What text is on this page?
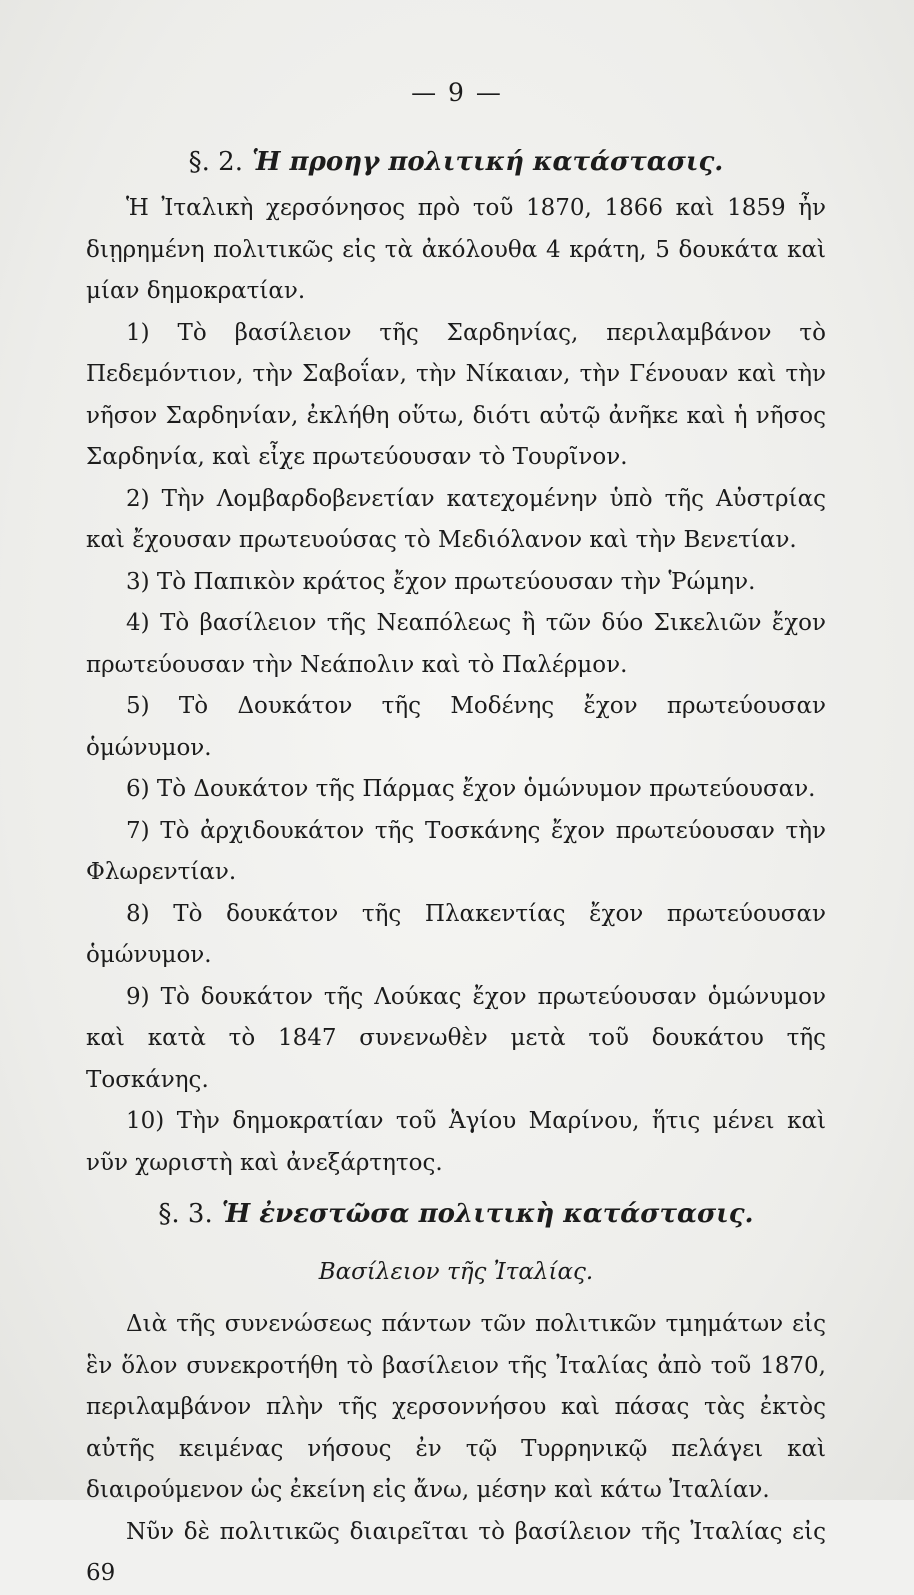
— 9 —
§. 2. Ἡ προηγ πολιτική κατάστασις.

Ἡ Ἰταλικὴ χερσόνησος πρὸ τοῦ 1870, 1866 καὶ 1859 ἦν διῃρημένη πολιτικῶς εἰς τὰ ἀκόλουθα 4 κράτη, 5 δουκάτα καὶ μίαν δημοκρατίαν.

1) Τὸ βασίλειον τῆς Σαρδηνίας, περιλαμβάνον τὸ Πεδεμόντιον, τὴν Σαβοΐαν, τὴν Νίκαιαν, τὴν Γένουαν καὶ τὴν νῆσον Σαρδηνίαν, ἐκλήθη οὕτω, διότι αὐτῷ ἀνῆκε καὶ ἡ νῆσος Σαρδηνία, καὶ εἶχε πρωτεύουσαν τὸ Τουρῖνον.

2) Τὴν Λομβαρδοβενετίαν κατεχομένην ὑπὸ τῆς Αὐστρίας καὶ ἔχουσαν πρωτευούσας τὸ Μεδιόλανον καὶ τὴν Βενετίαν.

3) Τὸ Παπικὸν κράτος ἔχον πρωτεύουσαν τὴν Ῥώμην.

4) Τὸ βασίλειον τῆς Νεαπόλεως ἢ τῶν δύο Σικελιῶν ἔχον πρωτεύουσαν τὴν Νεάπολιν καὶ τὸ Παλέρμον.

5) Τὸ Δουκάτον τῆς Μοδένης ἔχον πρωτεύουσαν ὁμώνυμον.

6) Τὸ Δουκάτον τῆς Πάρμας ἔχον ὁμώνυμον πρωτεύουσαν.

7) Τὸ ἀρχιδουκάτον τῆς Τοσκάνης ἔχον πρωτεύουσαν τὴν Φλωρεντίαν.

8) Τὸ δουκάτον τῆς Πλακεντίας ἔχον πρωτεύουσαν ὁμώνυμον.

9) Τὸ δουκάτον τῆς Λούκας ἔχον πρωτεύουσαν ὁμώνυμον καὶ κατὰ τὸ 1847 συνενωθὲν μετὰ τοῦ δουκάτου τῆς Τοσκάνης.

10) Τὴν δημοκρατίαν τοῦ Ἁγίου Μαρίνου, ἥτις μένει καὶ νῦν χωριστὴ καὶ ἀνεξάρτητος.

§. 3. Ἡ ἐνεστῶσα πολιτικὴ κατάστασις.
Βασίλειον τῆς Ἰταλίας.

Διὰ τῆς συνενώσεως πάντων τῶν πολιτικῶν τμημάτων εἰς ἓν ὅλον συνεκροτήθη τὸ βασίλειον τῆς Ἰταλίας ἀπὸ τοῦ 1870, περιλαμβάνον πλὴν τῆς χερσοννήσου καὶ πάσας τὰς ἐκτὸς αὐτῆς κειμένας νήσους ἐν τῷ Τυρρηνικῷ πελάγει καὶ διαιρούμενον ὡς ἐκείνη εἰς ἄνω, μέσην καὶ κάτω Ἰταλίαν.

Νῦν δὲ πολιτικῶς διαιρεῖται τὸ βασίλειον τῆς Ἰταλίας εἰς 69
